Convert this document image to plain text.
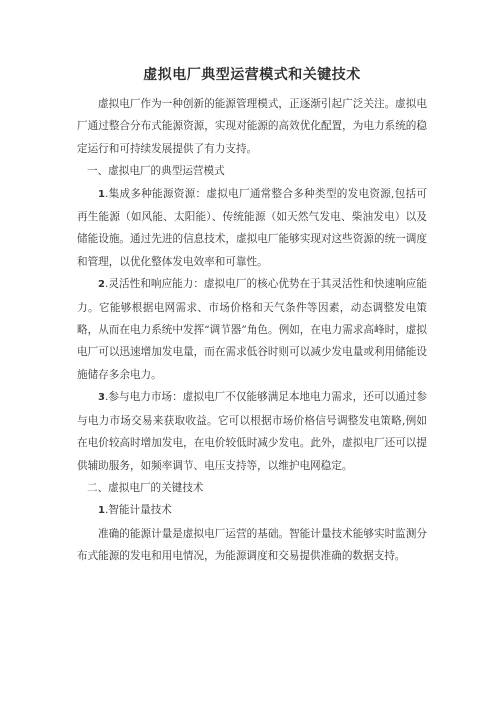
虚拟电厂典型运营模式和关键技术

虚拟电厂作为一种创新的能源管理模式，正逐渐引起广泛关注。虚拟电厂通过整合分布式能源资源，实现对能源的高效优化配置，为电力系统的稳定运行和可持续发展提供了有力支持。

一、虚拟电厂的典型运营模式

1.集成多种能源资源：虚拟电厂通常整合多种类型的发电资源,包括可再生能源（如风能、太阳能）、传统能源（如天然气发电、柴油发电）以及储能设施。通过先进的信息技术，虚拟电厂能够实现对这些资源的统一调度和管理，以优化整体发电效率和可靠性。

2.灵活性和响应能力：虚拟电厂的核心优势在于其灵活性和快速响应能力。它能够根据电网需求、市场价格和天气条件等因素，动态调整发电策略，从而在电力系统中发挥“调节器”角色。例如，在电力需求高峰时，虚拟电厂可以迅速增加发电量，而在需求低谷时则可以减少发电量或利用储能设施储存多余电力。

3.参与电力市场：虚拟电厂不仅能够满足本地电力需求，还可以通过参与电力市场交易来获取收益。它可以根据市场价格信号调整发电策略,例如在电价较高时增加发电，在电价较低时减少发电。此外，虚拟电厂还可以提供辅助服务，如频率调节、电压支持等，以维护电网稳定。

二、虚拟电厂的关键技术

1.智能计量技术

准确的能源计量是虚拟电厂运营的基础。智能计量技术能够实时监测分布式能源的发电和用电情况，为能源调度和交易提供准确的数据支持。
